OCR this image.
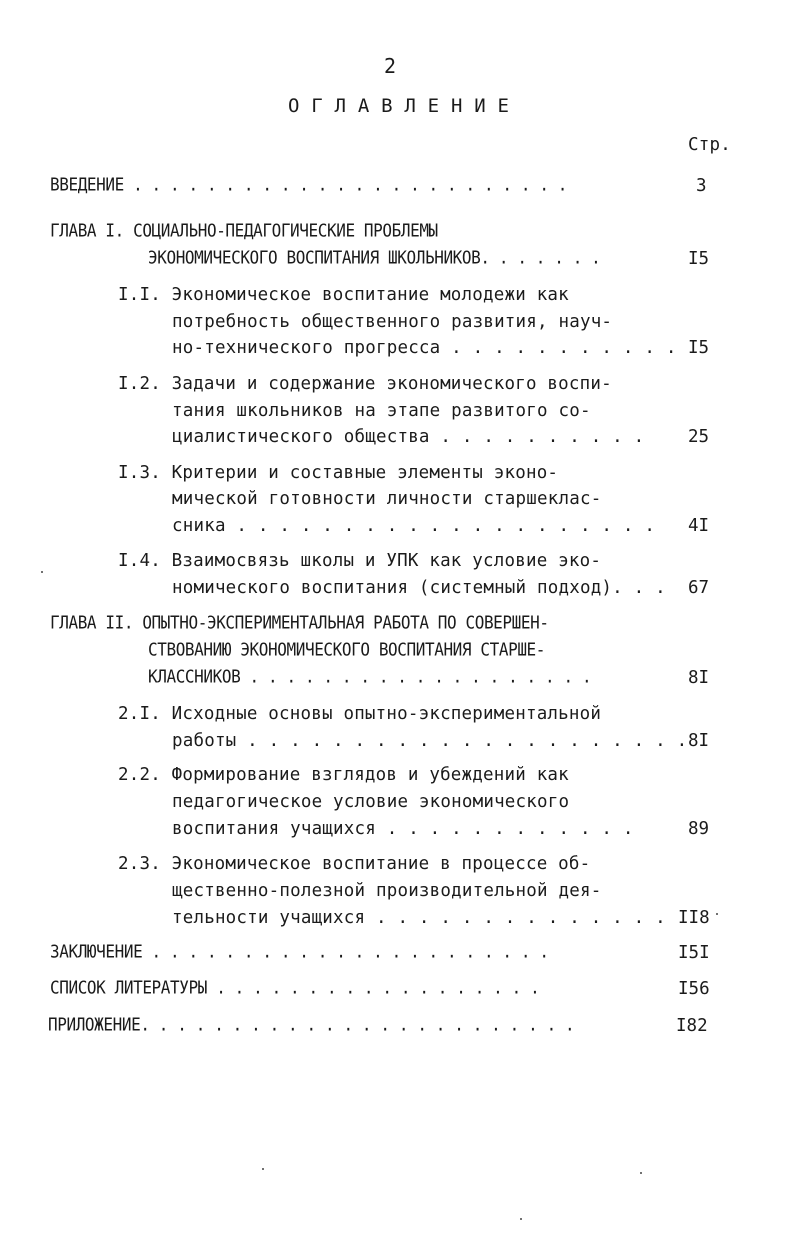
2
О Г Л А В Л Е Н И Е
Стр.
ВВЕДЕНИЕ . . . . . . . . . . . . . . . . . . . . . . . .	3
ГЛАВА I. СОЦИАЛЬНО-ПЕДАГОГИЧЕСКИЕ ПРОБЛЕМЫ
ЭКОНОМИЧЕСКОГО ВОСПИТАНИЯ ШКОЛЬНИКОВ. . . . . . .	I5
I.I. Экономическое воспитание молодежи как
потребность общественного развития, науч-
но-технического прогресса . . . . . . . . . . . I5
I.2. Задачи и содержание экономического воспи-
тания школьников на этапе развитого со-
циалистического общества . . . . . . . . . . 25
I.3. Критерии и составные элементы эконо-
мической готовности личности старшеклас-
сника . . . . . . . . . . . . . . . . . . . . 4I
I.4. Взаимосвязь школы и УПК как условие эко-
номического воспитания (системный подход). . . 67
ГЛАВА II. ОПЫТНО-ЭКСПЕРИМЕНТАЛЬНАЯ РАБОТА ПО СОВЕРШЕН-
СТВОВАНИЮ ЭКОНОМИЧЕСКОГО ВОСПИТАНИЯ СТАРШЕ-
КЛАССНИКОВ . . . . . . . . . . . . . . . . . . .	8I
2.I. Исходные основы опытно-экспериментальной
работы . . . . . . . . . . . . . . . . . . . . . 8I
2.2. Формирование взглядов и убеждений как
педагогическое условие экономического
воспитания учащихся . . . . . . . . . . . .	89
2.3. Экономическое воспитание в процессе об-
щественно-полезной производительной дея-
тельности учащихся . . . . . . . . . . . . . . II8
ЗАКЛЮЧЕНИЕ . . . . . . . . . . . . . . . . . . . . . .	I5I
СПИСОК ЛИТЕРАТУРЫ . . . . . . . . . . . . . . . . . .	I56
ПРИЛОЖЕНИЕ. . . . . . . . . . . . . . . . . . . . . . . .	I82
